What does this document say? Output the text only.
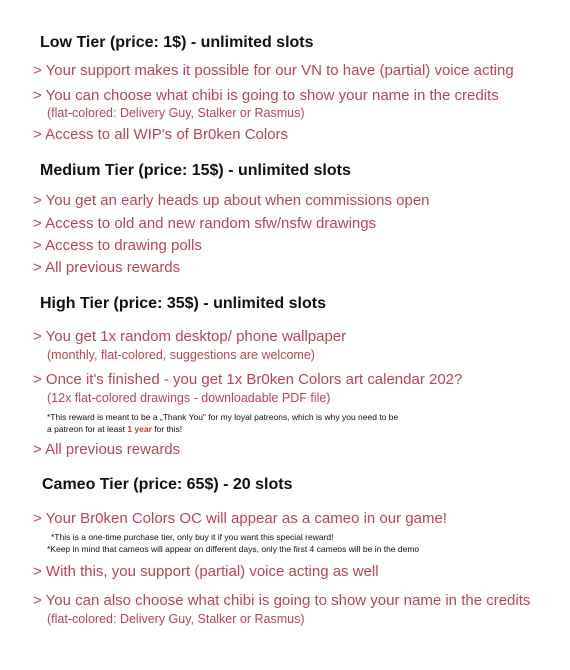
Low Tier (price: 1$) - unlimited slots
> Your support makes it possible for our VN to have (partial) voice acting
> You can choose what chibi is going to show your name in the credits
(flat-colored: Delivery Guy, Stalker or Rasmus)
> Access to all WIP's of Br0ken Colors
Medium Tier (price: 15$) - unlimited slots
> You get an early heads up about when commissions open
> Access to old and new random sfw/nsfw drawings
> Access to drawing polls
> All previous rewards
High Tier (price: 35$) - unlimited slots
> You get 1x random desktop/ phone wallpaper
(monthly, flat-colored, suggestions are welcome)
> Once it's finished - you get 1x Br0ken Colors art calendar 202?
(12x flat-colored drawings - downloadable PDF file)
*This reward is meant to be a „Thank You" for my loyal patreons, which is why you need to be
a patreon for at least 1 year for this!
> All previous rewards
Cameo Tier (price: 65$) - 20 slots
> Your Br0ken Colors OC will appear as a cameo in our game!
*This is a one-time purchase tier, only buy it if you want this special reward!
*Keep in mind that cameos will appear on different days, only the first 4 cameos will be in the demo
> With this, you support (partial) voice acting as well
> You can also choose what chibi is going to show your name in the credits
(flat-colored: Delivery Guy, Stalker or Rasmus)
